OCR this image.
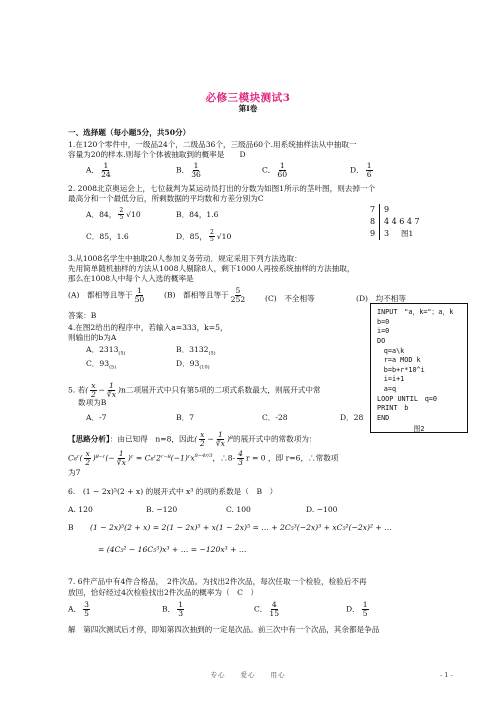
必修三模块测试3
第I卷
一、选择题（每小题5分，共50分）
1.在120个零件中，一级品24个，二级品36个，三级品60个.用系统抽样法从中抽取一
容量为20的样本.则每个个体被抽取到的概率是　　D
A． $\frac{1}{24}$	B． $\frac{1}{36}$	C． $\frac{1}{60}$	D． $\frac{1}{6}$
2. 2008北京奥运会上，七位裁判为某运动员打出的分数为如图1所示的茎叶图，则去掉一个
最高分和一个最低分后，所剩数据的平均数和方差分别为C
A．84， $\frac{2}{5} √10$	B．84，1.6
C．85，1.6	D．85， $\frac{2}{5} √10$
7 9
8 4 4 6 4 7
9 3 图1
3.从1008名学生中抽取20人参加义务劳动．规定采用下列方法选取：
先用简单随机抽样的方法从1008人剔除8人，剩下1000人再按系统抽样的方法抽取，
那么在1008人中每个人入选的概率是
(A)　都相等且等于 $\frac{1}{50}$	(B)　都相等且等于 $\frac{5}{252}$	(C)　不全相等	(D)　均不相等
答案：B
4.在图2给出的程序中，若输入a=333，k=5，
则输出的b为A
A．$2313_{(5)}$	B．$3132_{(5)}$
C．$93_{(5)}$	D．$93_{(10)}$
INPUT　"a，k="；a，k
b=0
i=0
DO
　q=a\k
　r=a MOD k
　b=b+r*10^i
　i=i+1
　a=q
LOOP UNTIL　q=0
PRINT　b
END
图2
5. 若( $\frac{x}{2} - \frac{1}{∛x} )n$二项展开式中只有第5项的二项式系数最大，则展开式中常
数项为B
A．-7	B．7	C．-28	D．28
【思路分析】：由已知得　n=8，因此( $\frac{x}{2} - \frac{1}{∛x} )^8$的展开式中的常数项为：
C₈ʳ( $\frac{x}{2}$ )⁸⁻ʳ(− $\frac{1}{∛x}$ )ʳ = C₈ʳ2ʳ⁻⁸(−1)ʳx$^{8-4r/3}$，∴8- $\frac{4}{3}$ r = 0 ，即 r=6，∴常数项
为7
6.　(1 − 2x)⁵(2 + x) 的展开式中 x³ 的项的系数是（　B　）
A. 120	B. −120	C. 100	D. −100
B (1 − 2x)⁵(2 + x) = 2(1 − 2x)⁵ + x(1 − 2x)⁵ = … + 2C₅³(−2x)³ + xC₅²(−2x)² + …
= (4C₅² − 16C₅³)x³ + … = −120x³ + …
7. 6件产品中有4件合格品，　2件次品。为找出2件次品，每次任取一个检验，检验后不再
放回，恰好经过4次检验找出2件次品的概率为（　C　）
A． $\frac{3}{5}$	B． $\frac{1}{3}$	C． $\frac{4}{15}$	D． $\frac{1}{5}$
解　第四次测试后才停，即知第四次抽到的一定是次品。前三次中有一个次品，其余都是争品
专心　　爱心　　用心	- 1 -
